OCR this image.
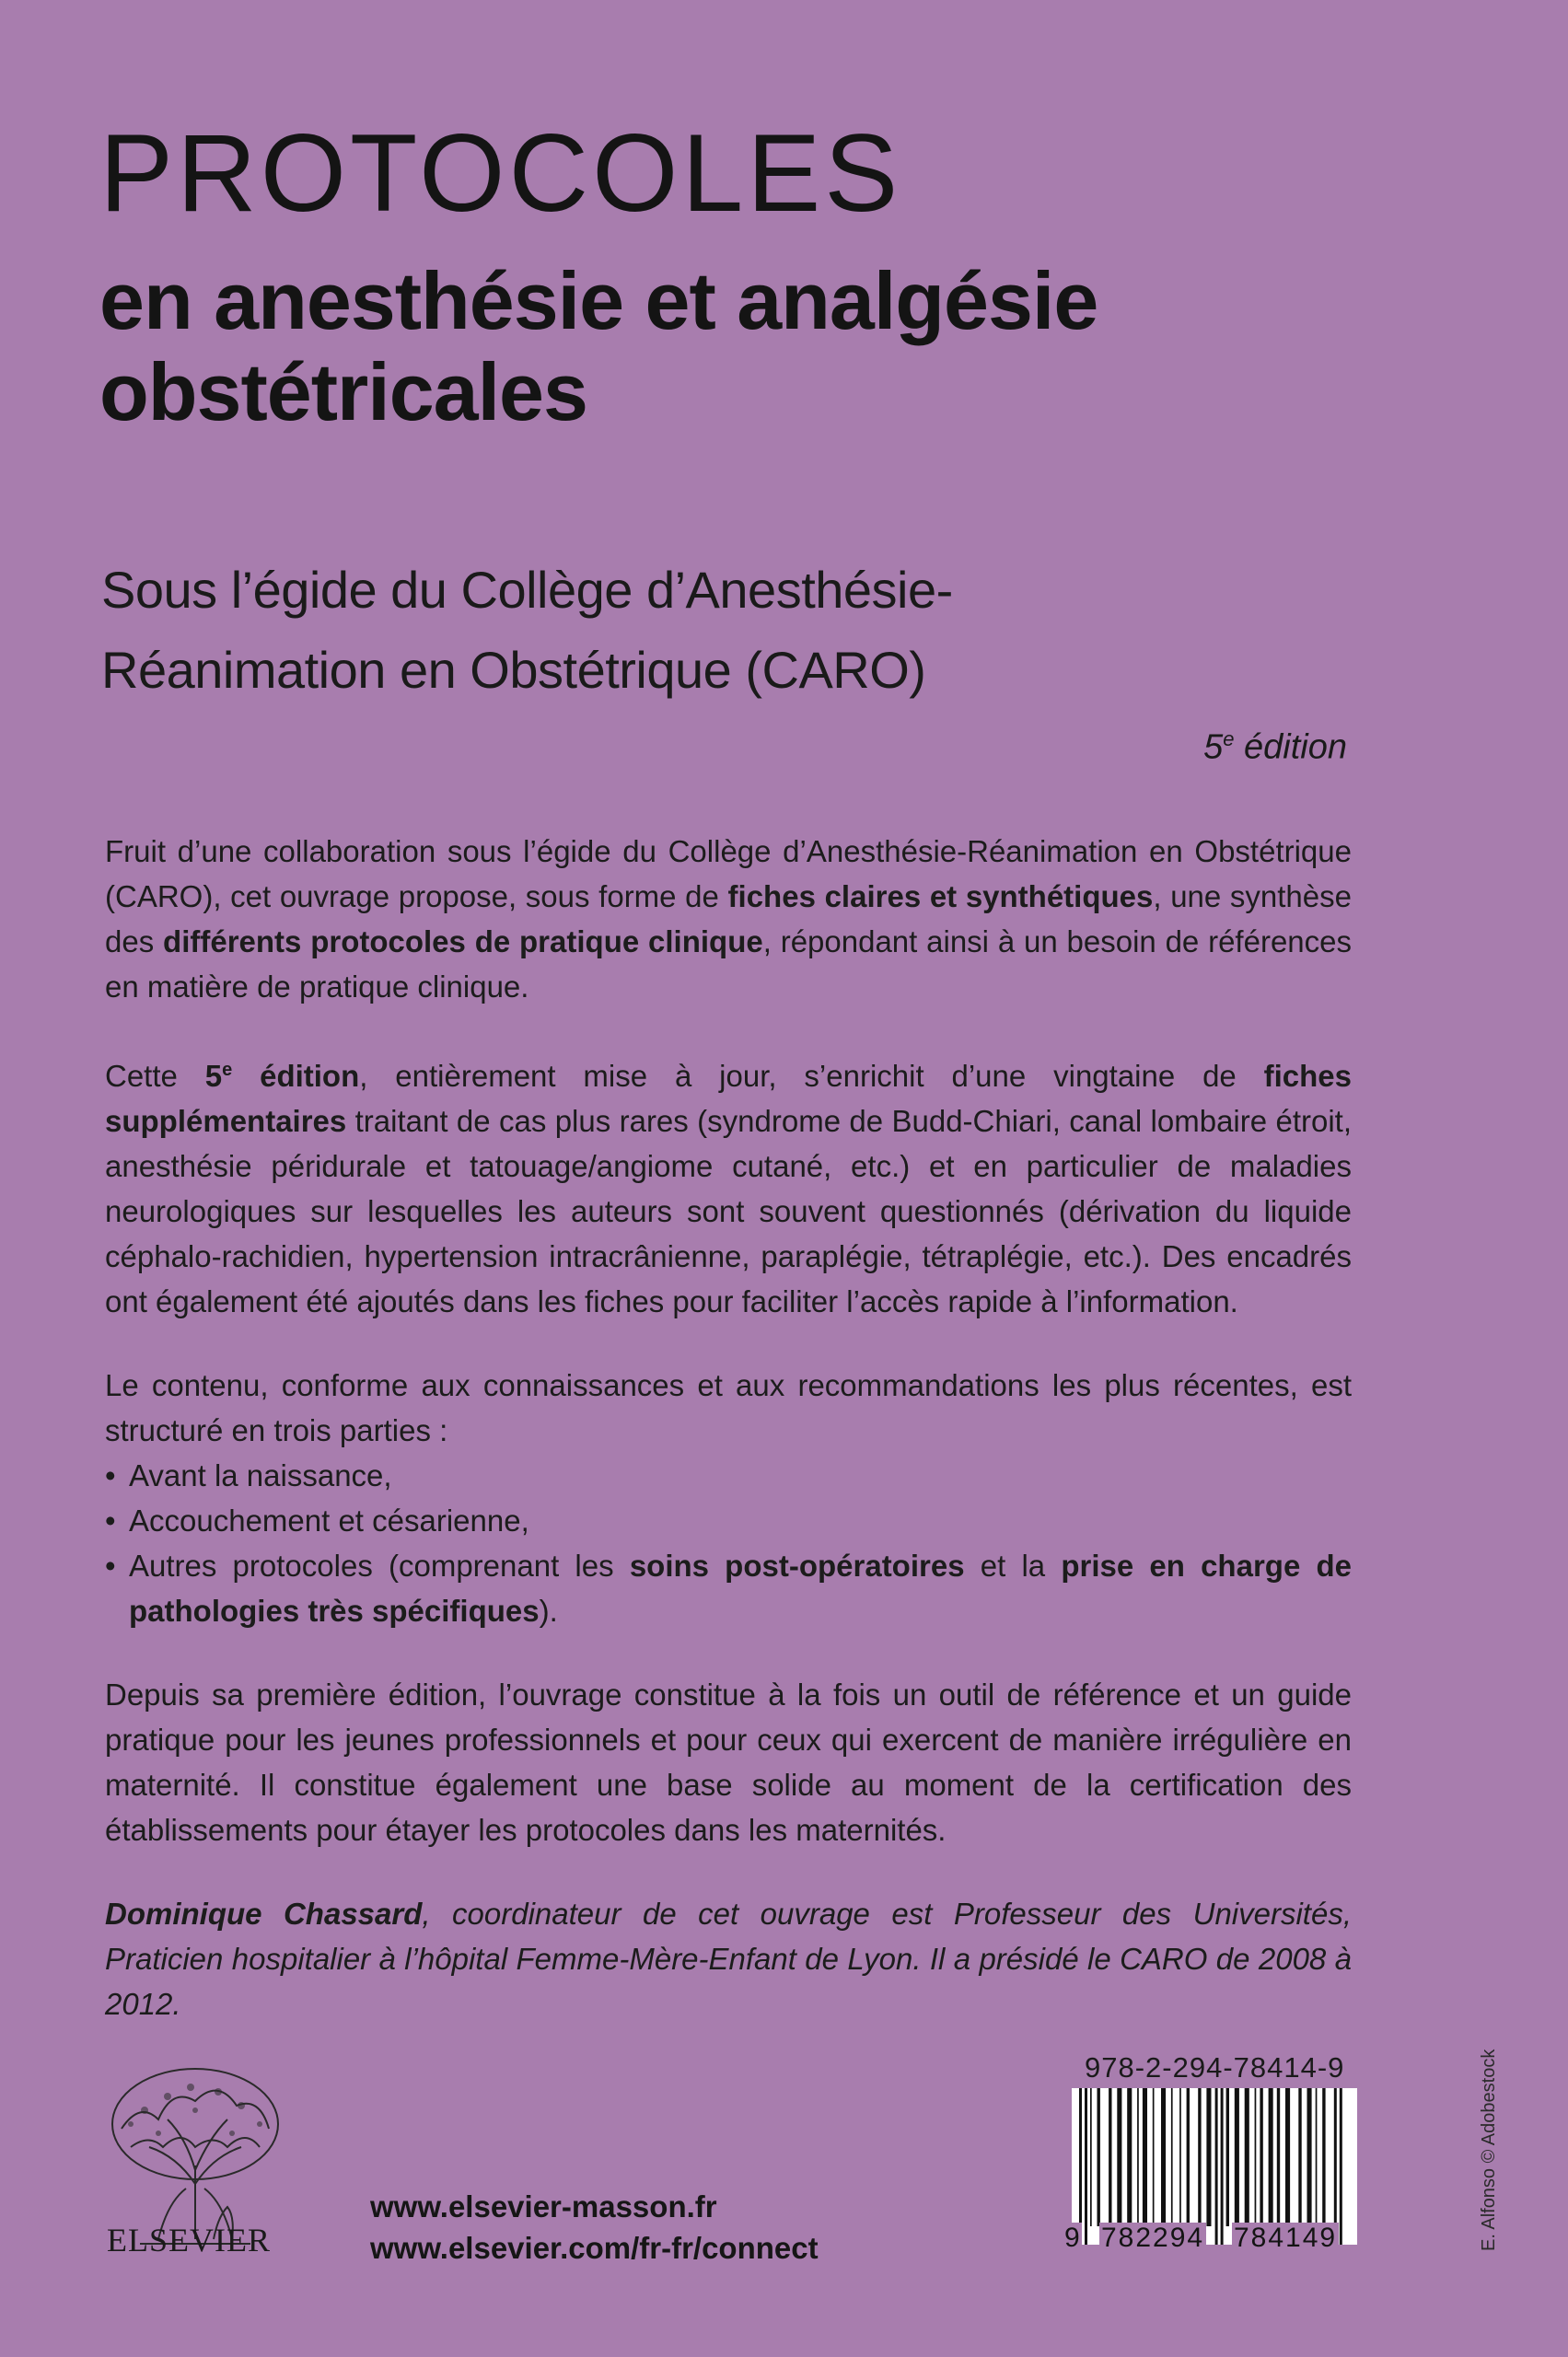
PROTOCOLES
en anesthésie et analgésie
obstétricales

Sous l’égide du Collège d’Anesthésie-
Réanimation en Obstétrique (CARO)

5e édition

Fruit d’une collaboration sous l’égide du Collège d’Anesthésie-Réanimation en Obstétrique (CARO), cet ouvrage propose, sous forme de fiches claires et synthétiques, une synthèse des différents protocoles de pratique clinique, répondant ainsi à un besoin de références en matière de pratique clinique.

Cette 5e édition, entièrement mise à jour, s’enrichit d’une vingtaine de fiches supplémentaires traitant de cas plus rares (syndrome de Budd-Chiari, canal lombaire étroit, anesthésie péridurale et tatouage/angiome cutané, etc.) et en particulier de maladies neurologiques sur lesquelles les auteurs sont souvent questionnés (dérivation du liquide céphalo-rachidien, hypertension intracrânienne, paraplégie, tétraplégie, etc.). Des encadrés ont également été ajoutés dans les fiches pour faciliter l’accès rapide à l’information.

Le contenu, conforme aux connaissances et aux recommandations les plus récentes, est structuré en trois parties :

• Avant la naissance,
• Accouchement et césarienne,
• Autres protocoles (comprenant les soins post-opératoires et la prise en charge de pathologies très spécifiques).

Depuis sa première édition, l’ouvrage constitue à la fois un outil de référence et un guide pratique pour les jeunes professionnels et pour ceux qui exercent de manière irrégulière en maternité. Il constitue également une base solide au moment de la certification des établissements pour étayer les protocoles dans les maternités.

Dominique Chassard, coordinateur de cet ouvrage est Professeur des Universités, Praticien hospitalier à l’hôpital Femme-Mère-Enfant de Lyon. Il a présidé le CARO de 2008 à 2012.

ELSEVIER
www.elsevier-masson.fr
www.elsevier.com/fr-fr/connect
978-2-294-78414-9
9 782294 784149	E. Alfonso © Adobestock
